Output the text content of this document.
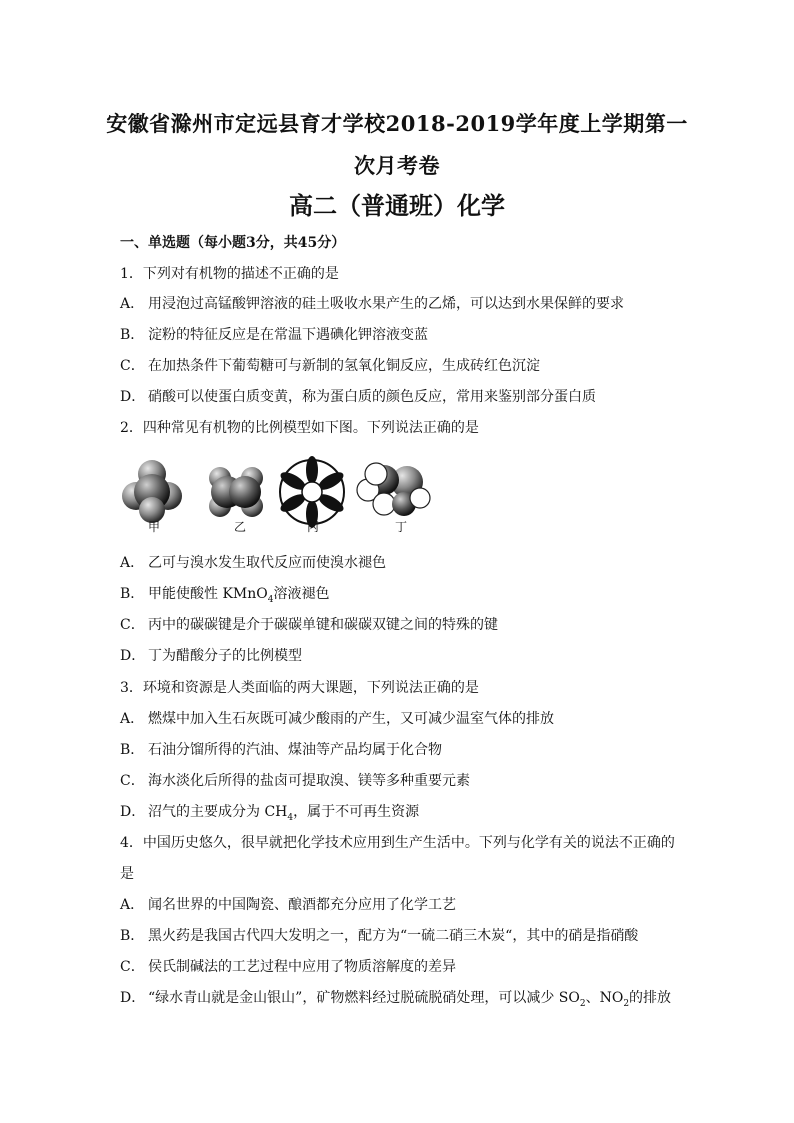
安徽省滁州市定远县育才学校2018-2019学年度上学期第一
次月考卷
高二（普通班）化学
一、单选题（每小题3分，共45分）
1．下列对有机物的描述不正确的是
A． 用浸泡过高锰酸钾溶液的硅土吸收水果产生的乙烯，可以达到水果保鲜的要求
B． 淀粉的特征反应是在常温下遇碘化钾溶液变蓝
C． 在加热条件下葡萄糖可与新制的氢氧化铜反应，生成砖红色沉淀
D． 硝酸可以使蛋白质变黄，称为蛋白质的颜色反应，常用来鉴别部分蛋白质
2．四种常见有机物的比例模型如下图。下列说法正确的是
甲	乙	丙	丁
A． 乙可与溴水发生取代反应而使溴水褪色
B． 甲能使酸性 KMnO$_4$溶液褪色
C． 丙中的碳碳键是介于碳碳单键和碳碳双键之间的特殊的键
D． 丁为醋酸分子的比例模型
3．环境和资源是人类面临的两大课题，下列说法正确的是
A． 燃煤中加入生石灰既可减少酸雨的产生，又可减少温室气体的排放
B． 石油分馏所得的汽油、煤油等产品均属于化合物
C． 海水淡化后所得的盐卤可提取溴、镁等多种重要元素
D． 沼气的主要成分为 $CH_4$，属于不可再生资源
4．中国历史悠久，很早就把化学技术应用到生产生活中。下列与化学有关的说法不正确的
是
A． 闻名世界的中国陶瓷、酿酒都充分应用了化学工艺
B． 黑火药是我国古代四大发明之一，配方为“一硫二硝三木炭“，其中的硝是指硝酸
C． 侯氏制碱法的工艺过程中应用了物质溶解度的差异
D． “绿水青山就是金山银山”，矿物燃料经过脱硫脱硝处理，可以减少 $SO_2$、$NO_2$的排放
